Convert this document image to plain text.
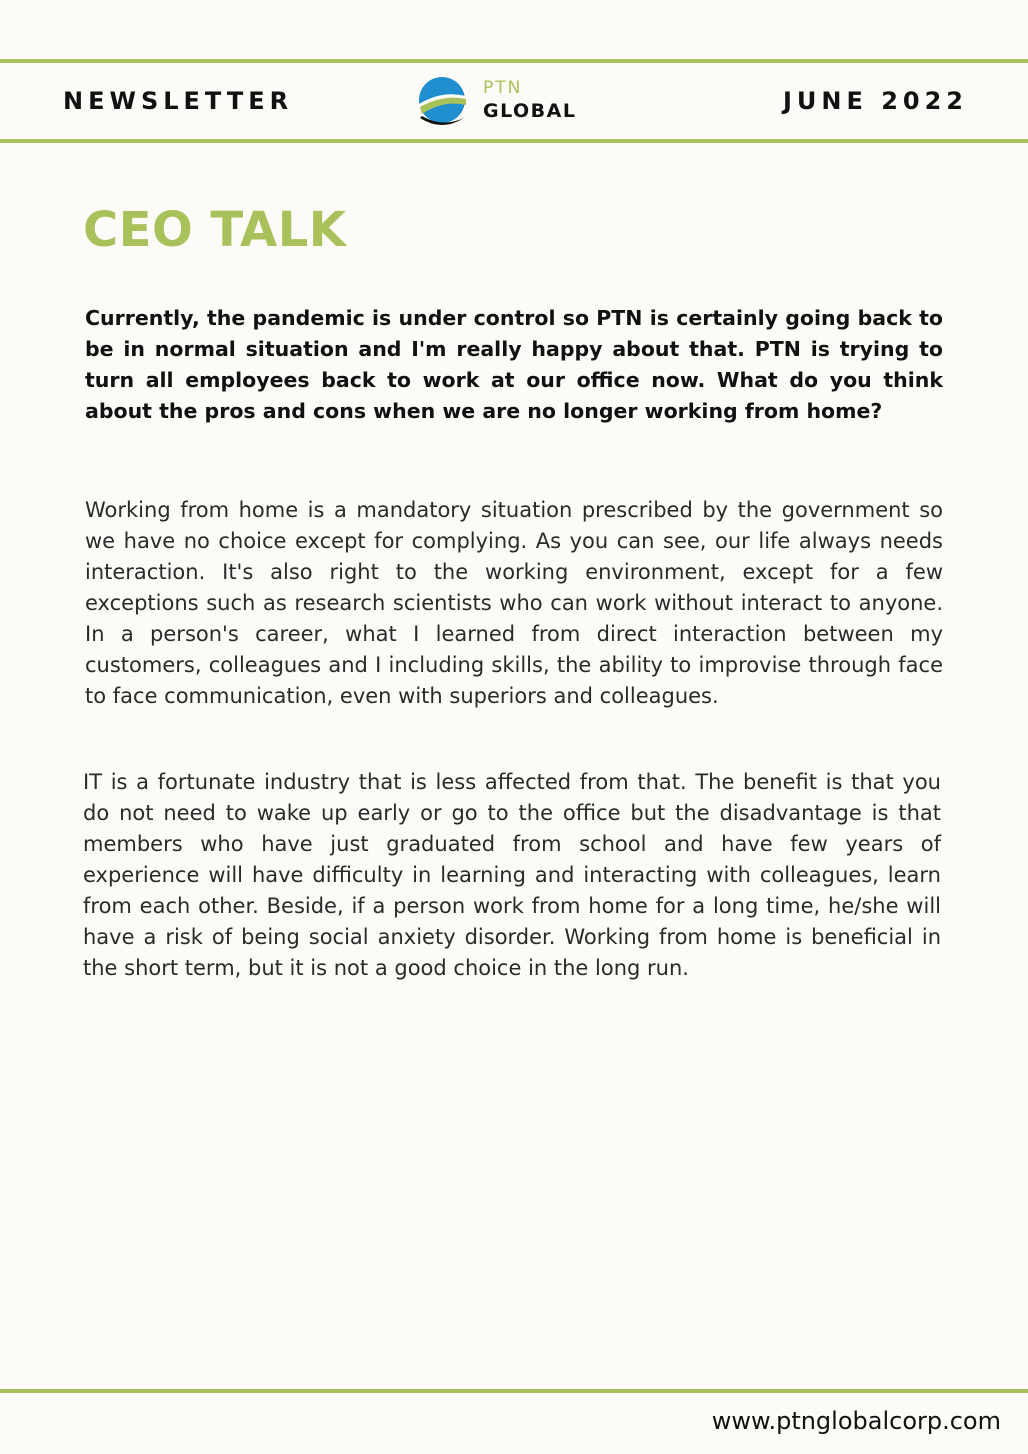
NEWSLETTER	PTN
GLOBAL	JUNE 2022
CEO TALK
Currently, the pandemic is under control so PTN is certainly going back to be in normal situation and I'm really happy about that. PTN is trying to turn all employees back to work at our office now. What do you think about the pros and cons when we are no longer working from home?
Working from home is a mandatory situation prescribed by the government so we have no choice except for complying. As you can see, our life always needs interaction. It's also right to the working environment, except for a few exceptions such as research scientists who can work without interact to anyone. In a person's career, what I learned from direct interaction between my customers, colleagues and I including skills, the ability to improvise through face to face communication, even with superiors and colleagues.
IT is a fortunate industry that is less affected from that. The benefit is that you do not need to wake up early or go to the office but the disadvantage is that members who have just graduated from school and have few years of experience will have difficulty in learning and interacting with colleagues, learn from each other. Beside, if a person work from home for a long time, he/she will have a risk of being social anxiety disorder. Working from home is beneficial in the short term, but it is not a good choice in the long run.
www.ptnglobalcorp.com
